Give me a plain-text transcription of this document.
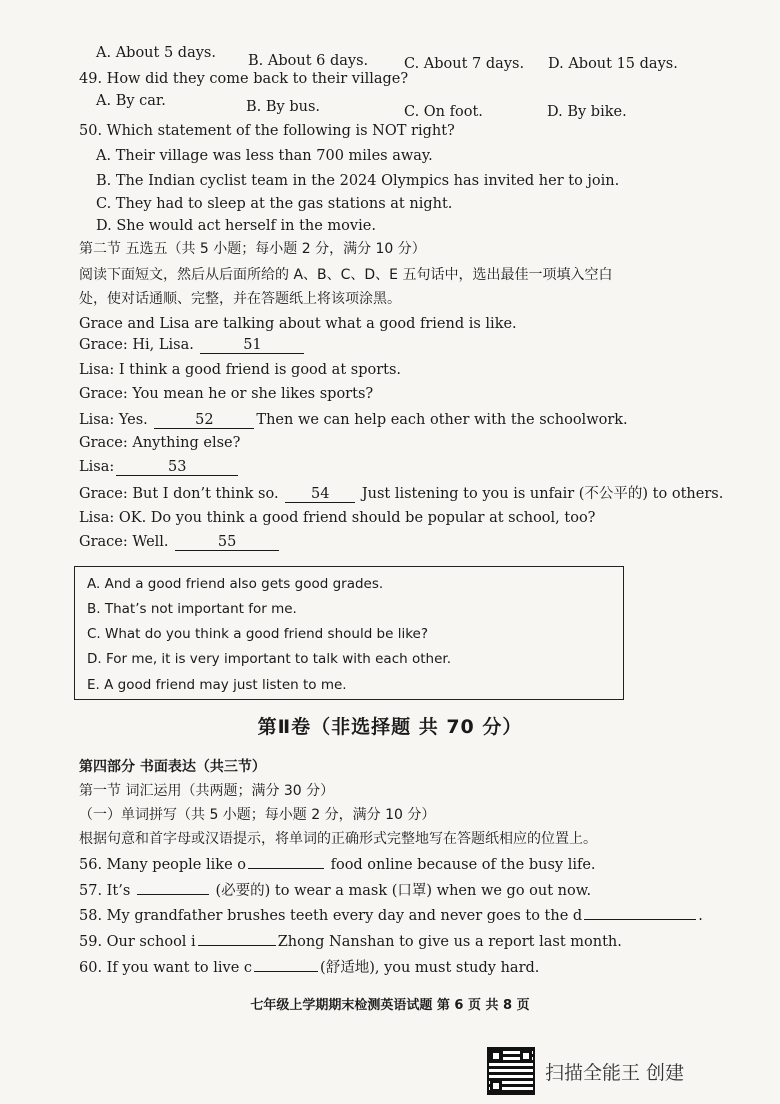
A. About 5 days. B. About 6 days. C. About 7 days. D. About 15 days.
49. How did they come back to their village?
A. By car.	B. By bus.	C. On foot.	D. By bike.
50. Which statement of the following is NOT right?
A. Their village was less than 700 miles away.
B. The Indian cyclist team in the 2024 Olympics has invited her to join.
C. They had to sleep at the gas stations at night.
D. She would act herself in the movie.
第二节 五选五（共 5 小题；每小题 2 分，满分 10 分）
阅读下面短文，然后从后面所给的 A、B、C、D、E 五句话中，选出最佳一项填入空白
处，使对话通顺、完整，并在答题纸上将该项涂黑。
Grace and Lisa are talking about what a good friend is like.
Grace: Hi, Lisa.	51
Lisa: I think a good friend is good at sports.
Grace: You mean he or she likes sports?
Lisa: Yes.	52	Then we can help each other with the schoolwork.
Grace: Anything else?
Lisa:	53
Grace: But I don’t think so. 54 Just listening to you is unfair (不公平的) to others.
Lisa: OK. Do you think a good friend should be popular at school, too?
Grace: Well.	55
A. And a good friend also gets good grades.
B. That’s not important for me.
C. What do you think a good friend should be like?
D. For me, it is very important to talk with each other.
E. A good friend may just listen to me.
第Ⅱ卷（非选择题 共 70 分）
第四部分 书面表达（共三节）
第一节 词汇运用（共两题；满分 30 分）
（一）单词拼写（共 5 小题；每小题 2 分，满分 10 分）
根据句意和首字母或汉语提示，将单词的正确形式完整地写在答题纸相应的位置上。
56. Many people like o	food online because of the busy life.
57. It’s	(必要的) to wear a mask (口罩) when we go out now.
58. My grandfather brushes teeth every day and never goes to the d	.
59. Our school i	Zhong Nanshan to give us a report last month.
60. If you want to live c	(舒适地), you must study hard.
七年级上学期期末检测英语试题 第 6 页 共 8 页
扫描全能王 创建
